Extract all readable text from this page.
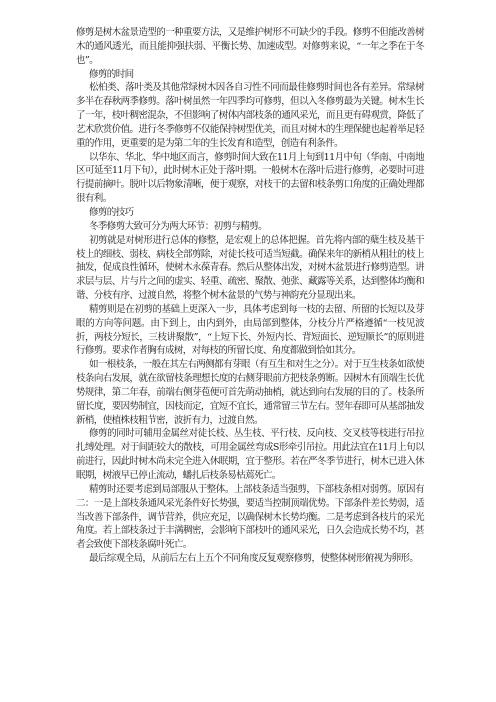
修剪是树木盆景造型的一种重要方法，又是维护树形不可缺少的手段。修剪不但能改善树木的通风透光，而且能抑强扶弱、平衡长势、加速成型。对修剪来说，“一年之季在于冬也”。

修剪的时间

松柏类、落叶类及其他常绿树木因各自习性不同而最佳修剪时间也各有差异。常绿树多半在春秋两季修剪。落叶树虽然一年四季均可修剪，但以入冬修剪最为关键。树木生长了一年，枝叶稠密混杂，不但影响了树体内部枝条的通风采光，而且更有碍观赏，降低了艺术欣赏价值。进行冬季修剪不仅能保持树型优美，而且对树木的生理保健也起着举足轻重的作用，更重要的是为第二年的生长发育和造型，创造有利条件。

以华东、华北、华中地区而言，修剪时间大致在11月上旬到11月中旬（华南、中南地区可延至11月下旬），此时树木正处于落叶期。一般树木在落叶后进行修剪，必要时可进行提前摘叶。脱叶以后物象清晰，便于观察，对枝干的去留和枝条剪口角度的正确处理都很有利。

修剪的技巧

冬季修剪大致可分为两大环节：初剪与精剪。

初剪就是对树形进行总体的修整，是宏观上的总体把握。首先将内部的蘖生枝及基干枝上的细枝、弱枝、病枝全部剪除，对徒长枝可适当短截。确保来年的新梢从粗壮的枝上抽发，促成良性循环，使树木永葆青春。然后从整体出发，对树木盆景进行修剪造型。讲求层与层、片与片之间的虚实、轻重、疏密、聚散、弛张、藏露等关系，达到整体均衡和谐、分枝有序、过渡自然，将整个树木盆景的气势与神韵充分显现出来。

精剪则是在初剪的基础上更深入一步，具体考虑到每一枝的去留、所留的长短以及芽眼的方向等问题。由下到上，由内到外，由局部到整体，分枝分片严格遵循“一枝见波折，两枝分短长，三枝讲聚散”，“上短下长、外短内长、背短面长、逆短顺长”的原则进行修剪。要求作者胸有成树，对每枝的所留长度、角度都做到恰如其分。

如一根枝条，一般在其左右两侧都有芽眼（有互生和对生之分）。对于互生枝条如欲使枝条向右发展，就在欲留枝条理想长度的右侧芽眼前方把枝条剪断。因树木有顶端生长优势规律，第二年春，前端右侧芽苞便可首先萌动抽梢，就达到向右发展的目的了。枝条所留长度，要因势制宜，因枝而定，宜短不宜长，通常留三节左右。翌年春即可从基部抽发新梢，使植株枝粗节密，波折有力，过渡自然。

修剪的同时可辅用金属丝对徒长枝、丛生枝、平行枝、反向枝、交叉枝等枝进行吊拉扎缚处理。对于间距较大的散枝，可用金属丝弯成S形牵引吊拉。用此法宜在11月上旬以前进行，因此时树木尚未完全进入休眠期，宜于整形。若在严冬季节进行，树木已进入休眠期，树液早已停止流动，蟠扎后枝条易枯蔫死亡。

精剪时还要考虑到局部服从于整体。上部枝条适当强剪，下部枝条相对弱剪。原因有二：一是上部枝条通风采光条件好长势强，要适当控制顶端优势。下部条件差长势弱，适当改善下部条件，调节营养，供应充足，以确保树木长势均衡。二是考虑到各枝片的采光角度。若上部枝条过于丰满稠密，会影响下部枝叶的通风采光，日久会造成长势不均，甚者会致使下部枝条腐叶死亡。

最后综观全局，从前后左右上五个不同角度反复观察修剪，使整体树形俯视为卵形。
